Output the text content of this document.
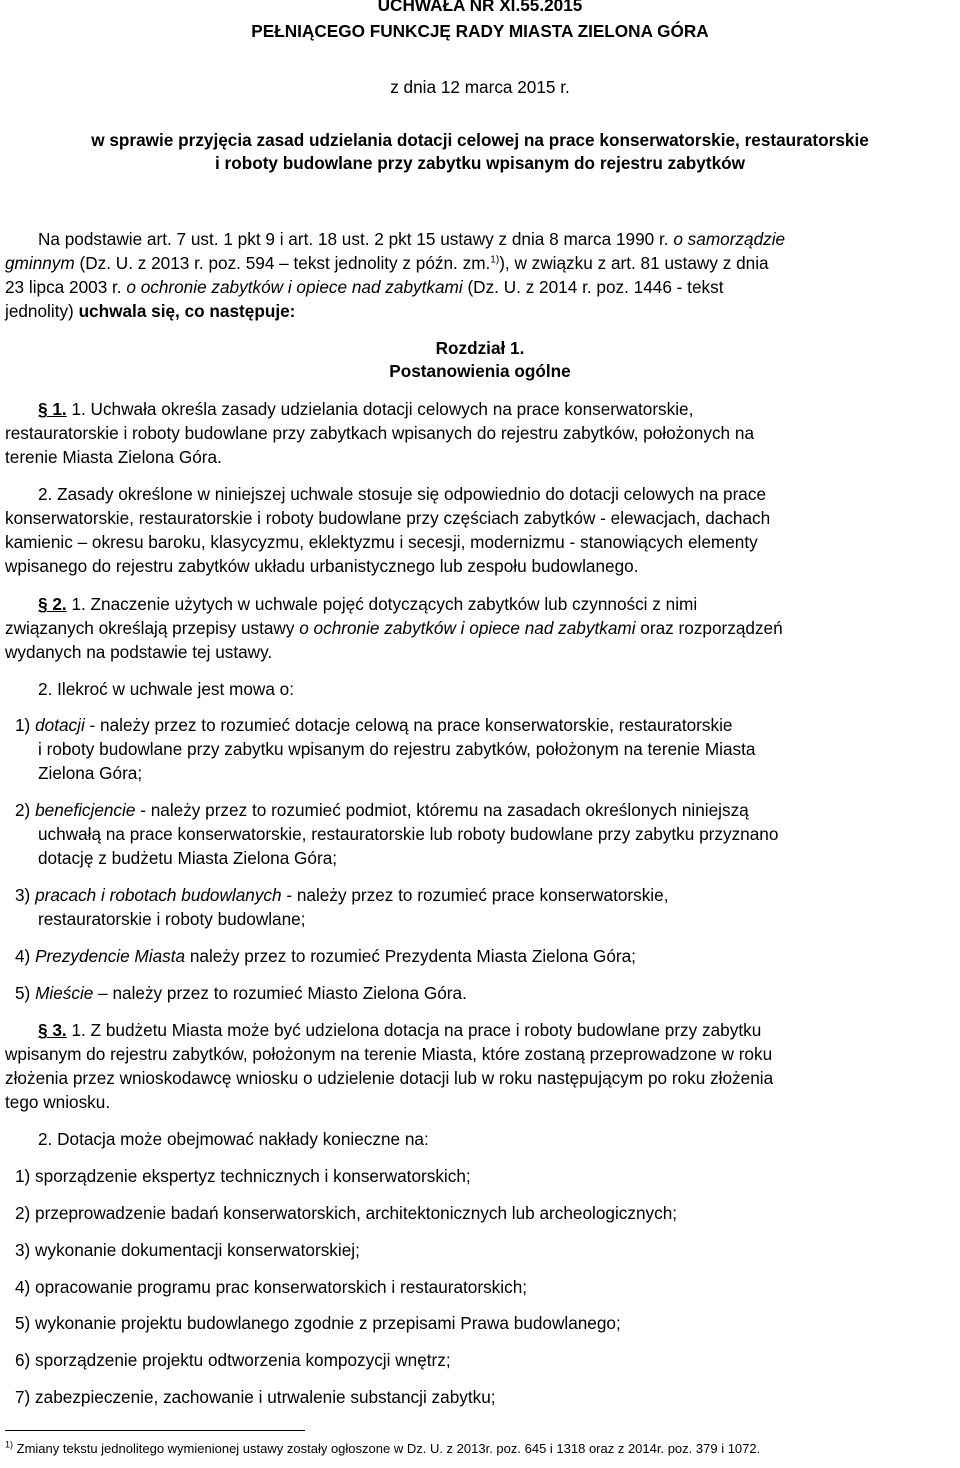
UCHWAŁA NR XI.55.2015
PEŁNIĄCEGO FUNKCJĘ RADY MIASTA ZIELONA GÓRA
z dnia 12 marca 2015 r.
w sprawie przyjęcia zasad udzielania dotacji celowej na prace konserwatorskie, restauratorskie
i roboty budowlane przy zabytku wpisanym do rejestru zabytków
Na podstawie art. 7 ust. 1 pkt 9 i art. 18 ust. 2 pkt 15 ustawy z dnia 8 marca 1990 r. o samorządzie
gminnym (Dz. U. z 2013 r. poz. 594 – tekst jednolity z późn. zm.$^{1)}$), w związku z art. 81 ustawy z dnia
23 lipca 2003 r. o ochronie zabytków i opiece nad zabytkami (Dz. U. z 2014 r. poz. 1446 - tekst
jednolity) uchwala się, co następuje:
Rozdział 1.
Postanowienia ogólne
§ 1. 1. Uchwała określa zasady udzielania dotacji celowych na prace konserwatorskie,
restauratorskie i roboty budowlane przy zabytkach wpisanych do rejestru zabytków, położonych na
terenie Miasta Zielona Góra.
2. Zasady określone w niniejszej uchwale stosuje się odpowiednio do dotacji celowych na prace
konserwatorskie, restauratorskie i roboty budowlane przy częściach zabytków - elewacjach, dachach
kamienic – okresu baroku, klasycyzmu, eklektyzmu i secesji, modernizmu - stanowiących elementy
wpisanego do rejestru zabytków układu urbanistycznego lub zespołu budowlanego.
§ 2. 1. Znaczenie użytych w uchwale pojęć dotyczących zabytków lub czynności z nimi
związanych określają przepisy ustawy o ochronie zabytków i opiece nad zabytkami oraz rozporządzeń
wydanych na podstawie tej ustawy.
2. Ilekroć w uchwale jest mowa o:
1) dotacji - należy przez to rozumieć dotacje celową na prace konserwatorskie, restauratorskie
i roboty budowlane przy zabytku wpisanym do rejestru zabytków, położonym na terenie Miasta
Zielona Góra;
2) beneficjencie - należy przez to rozumieć podmiot, któremu na zasadach określonych niniejszą
uchwałą na prace konserwatorskie, restauratorskie lub roboty budowlane przy zabytku przyznano
dotację z budżetu Miasta Zielona Góra;
3) pracach i robotach budowlanych - należy przez to rozumieć prace konserwatorskie,
restauratorskie i roboty budowlane;
4) Prezydencie Miasta należy przez to rozumieć Prezydenta Miasta Zielona Góra;
5) Mieście – należy przez to rozumieć Miasto Zielona Góra.
§ 3. 1. Z budżetu Miasta może być udzielona dotacja na prace i roboty budowlane przy zabytku
wpisanym do rejestru zabytków, położonym na terenie Miasta, które zostaną przeprowadzone w roku
złożenia przez wnioskodawcę wniosku o udzielenie dotacji lub w roku następującym po roku złożenia
tego wniosku.
2. Dotacja może obejmować nakłady konieczne na:
1) sporządzenie ekspertyz technicznych i konserwatorskich;
2) przeprowadzenie badań konserwatorskich, architektonicznych lub archeologicznych;
3) wykonanie dokumentacji konserwatorskiej;
4) opracowanie programu prac konserwatorskich i restauratorskich;
5) wykonanie projektu budowlanego zgodnie z przepisami Prawa budowlanego;
6) sporządzenie projektu odtworzenia kompozycji wnętrz;
7) zabezpieczenie, zachowanie i utrwalenie substancji zabytku;
$^{1)}$ Zmiany tekstu jednolitego wymienionej ustawy zostały ogłoszone w Dz. U. z 2013r. poz. 645 i 1318 oraz z 2014r. poz. 379 i 1072.
